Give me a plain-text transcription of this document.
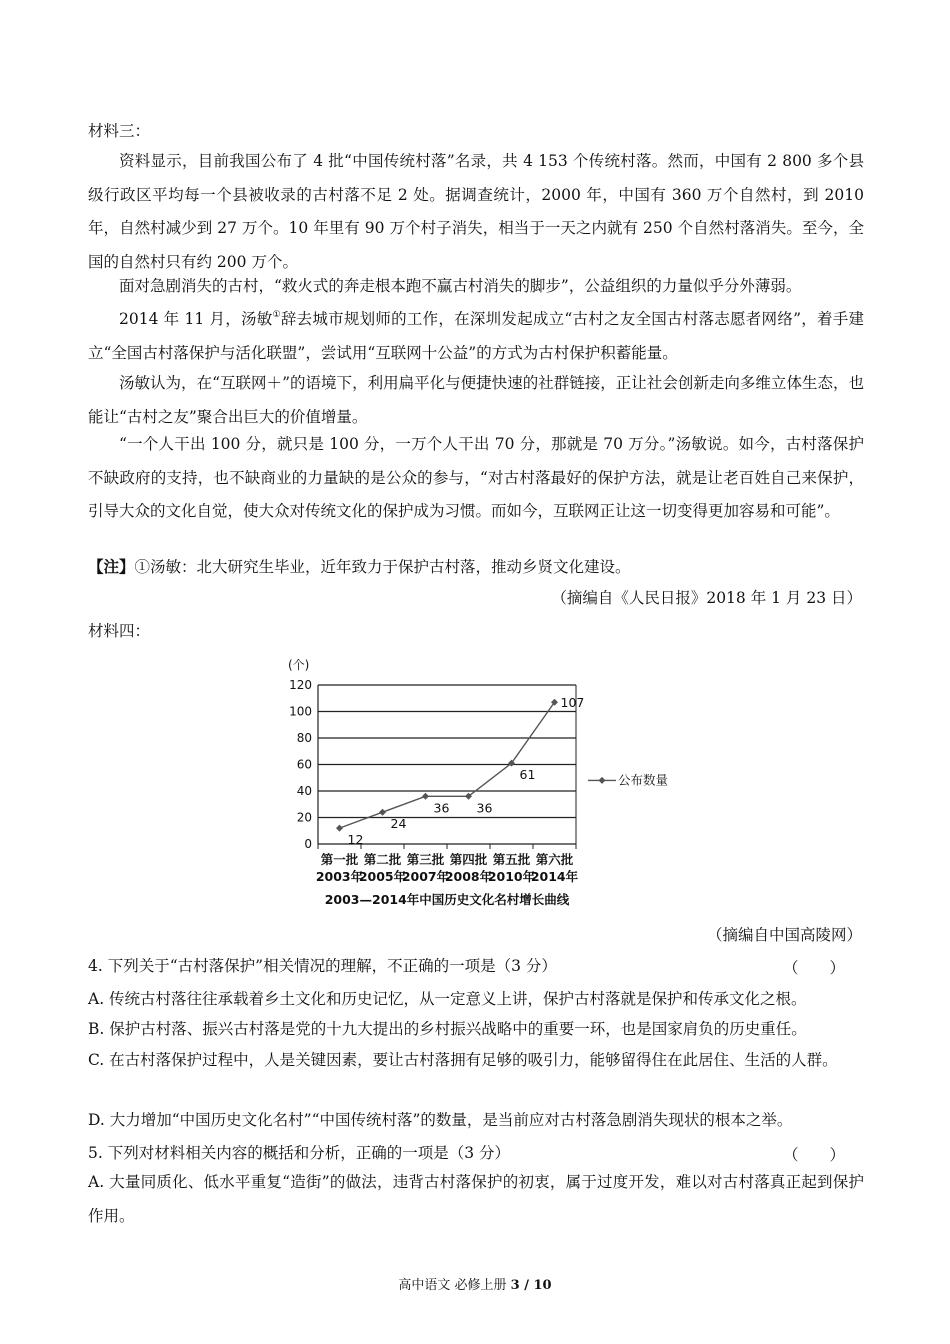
材料三：
资料显示，目前我国公布了 4 批“中国传统村落”名录，共 4 153 个传统村落。然而，中国有 2 800 多个县级行政区平均每一个县被收录的古村落不足 2 处。据调查统计，2000 年，中国有 360 万个自然村，到 2010 年，自然村减少到 27 万个。10 年里有 90 万个村子消失，相当于一天之内就有 250 个自然村落消失。至今，全国的自然村只有约 200 万个。
面对急剧消失的古村，“救火式的奔走根本跑不赢古村消失的脚步”，公益组织的力量似乎分外薄弱。
2014 年 11 月，汤敏①辞去城市规划师的工作，在深圳发起成立“古村之友全国古村落志愿者网络”，着手建立“全国古村落保护与活化联盟”，尝试用“互联网十公益”的方式为古村保护积蓄能量。
汤敏认为，在“互联网＋”的语境下，利用扁平化与便捷快速的社群链接，正让社会创新走向多维立体生态，也能让“古村之友”聚合出巨大的价值增量。
“一个人干出 100 分，就只是 100 分，一万个人干出 70 分，那就是 70 万分。”汤敏说。如今，古村落保护不缺政府的支持，也不缺商业的力量缺的是公众的参与，“对古村落最好的保护方法，就是让老百姓自己来保护，引导大众的文化自觉，使大众对传统文化的保护成为习惯。而如今，互联网正让这一切变得更加容易和可能”。
【注】①汤敏：北大研究生毕业，近年致力于保护古村落，推动乡贤文化建设。
（摘编自《人民日报》2018 年 1 月 23 日）
材料四：
0
20
40
60
80
100
120
(个)
第一批
2003年
第二批
2005年
第三批
2007年
第四批
2008年
第五批
2010年
第六批
2014年
2003—2014年中国历史文化名村增长曲线
12
24
36 36
61
107
公布数量
（摘编自中国高陵网）
4. 下列关于“古村落保护”相关情况的理解，不正确的一项是（3 分）	（　　）
A. 传统古村落往往承载着乡土文化和历史记忆，从一定意义上讲，保护古村落就是保护和传承文化之根。
B. 保护古村落、振兴古村落是党的十九大提出的乡村振兴战略中的重要一环，也是国家肩负的历史重任。
C. 在古村落保护过程中，人是关键因素，要让古村落拥有足够的吸引力，能够留得住在此居住、生活的人群。
D. 大力增加“中国历史文化名村”“中国传统村落”的数量，是当前应对古村落急剧消失现状的根本之举。
5. 下列对材料相关内容的概括和分析，正确的一项是（3 分）	（　　）
A. 大量同质化、低水平重复“造街”的做法，违背古村落保护的初衷，属于过度开发，难以对古村落真正起到保护作用。
高中语文 必修上册 3 / 10
